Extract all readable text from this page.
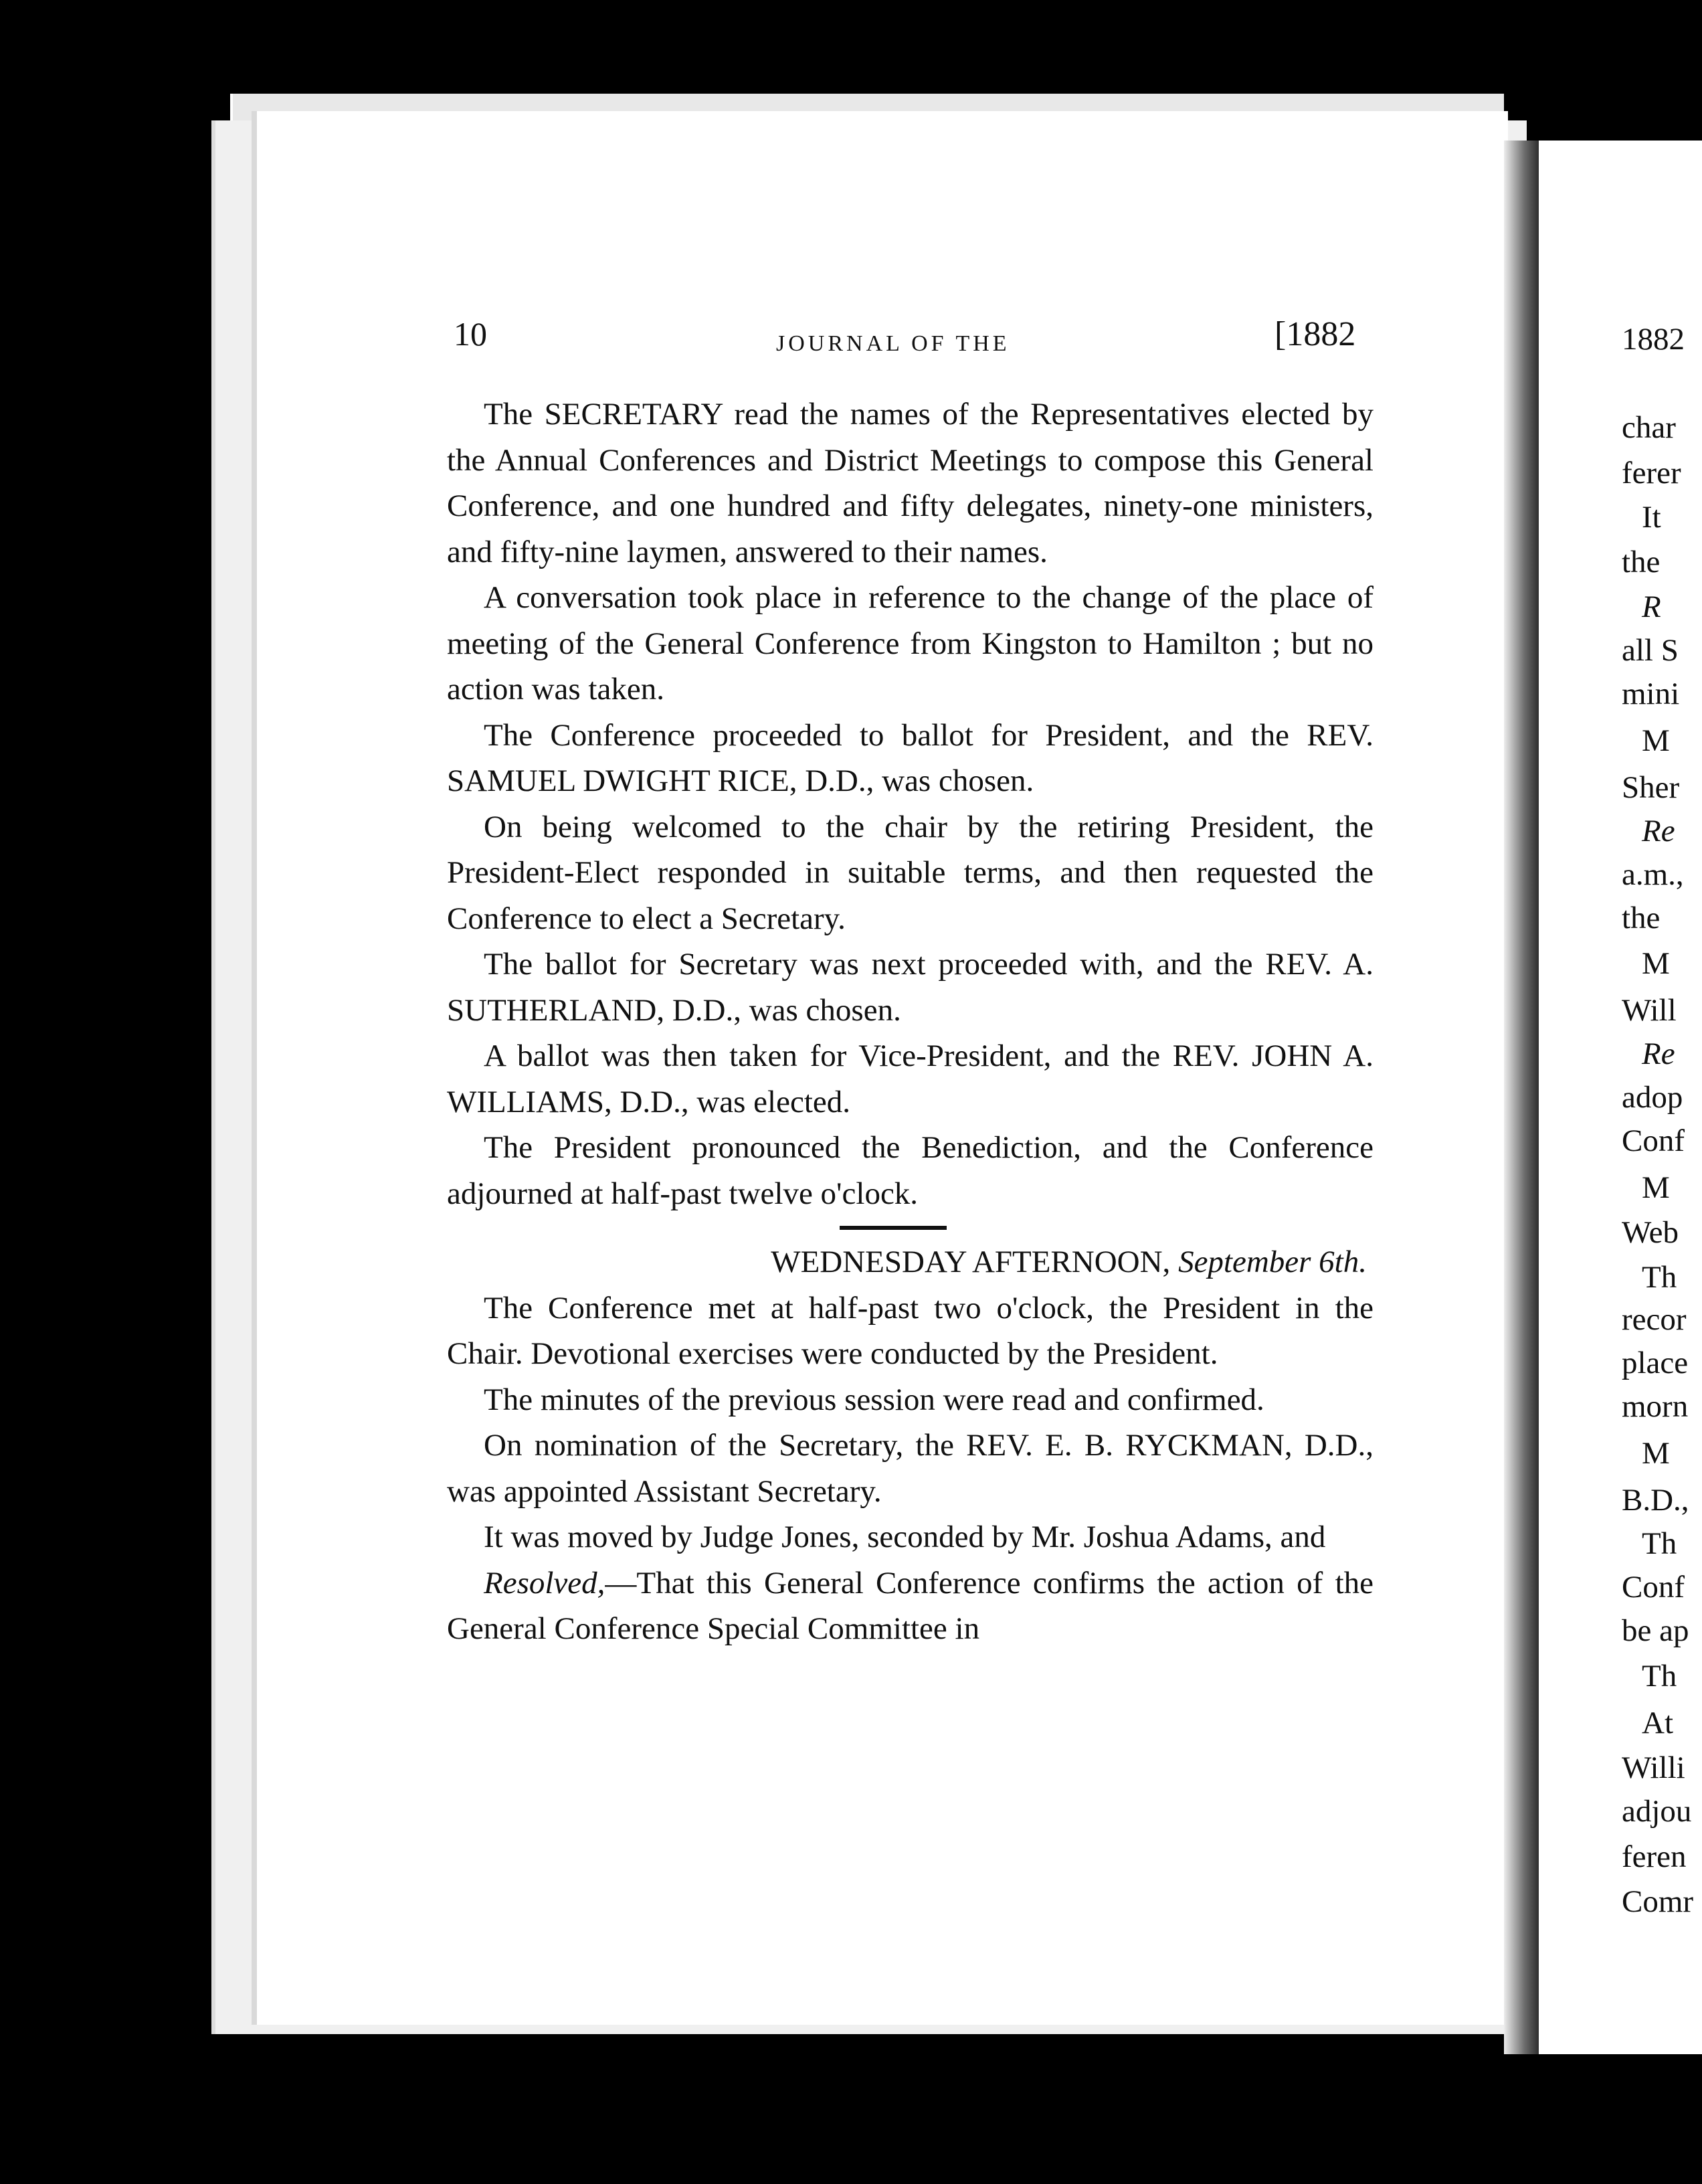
10	JOURNAL OF THE	[1882

The SECRETARY read the names of the Representatives elected by the Annual Conferences and District Meetings to compose this General Conference, and one hundred and fifty delegates, ninety-one ministers, and fifty-nine laymen, answered to their names.

A conversation took place in reference to the change of the place of meeting of the General Conference from Kingston to Hamilton ; but no action was taken.

The Conference proceeded to ballot for President, and the REV. SAMUEL DWIGHT RICE, D.D., was chosen.

On being welcomed to the chair by the retiring President, the President-Elect responded in suitable terms, and then requested the Conference to elect a Secretary.

The ballot for Secretary was next proceeded with, and the REV. A. SUTHERLAND, D.D., was chosen.

A ballot was then taken for Vice-President, and the REV. JOHN A. WILLIAMS, D.D., was elected.

The President pronounced the Benediction, and the Conference adjourned at half-past twelve o'clock.

WEDNESDAY AFTERNOON, September 6th.

The Conference met at half-past two o'clock, the President in the Chair. Devotional exercises were conducted by the President.

The minutes of the previous session were read and confirmed.

On nomination of the Secretary, the REV. E. B. RYCKMAN, D.D., was appointed Assistant Secretary.

It was moved by Judge Jones, seconded by Mr. Joshua Adams, and

Resolved,—That this General Conference confirms the action of the General Conference Special Committee in

1882
char
ferer
It
the
R
all S
mini
M
Sher
Re
a.m.,
the
M
Will
Re
adop
Conf
M
Web
Th
recor
place
morn
M
B.D.,
Th
Conf
be ap
Th
At
Willi
adjou
feren
Comr
